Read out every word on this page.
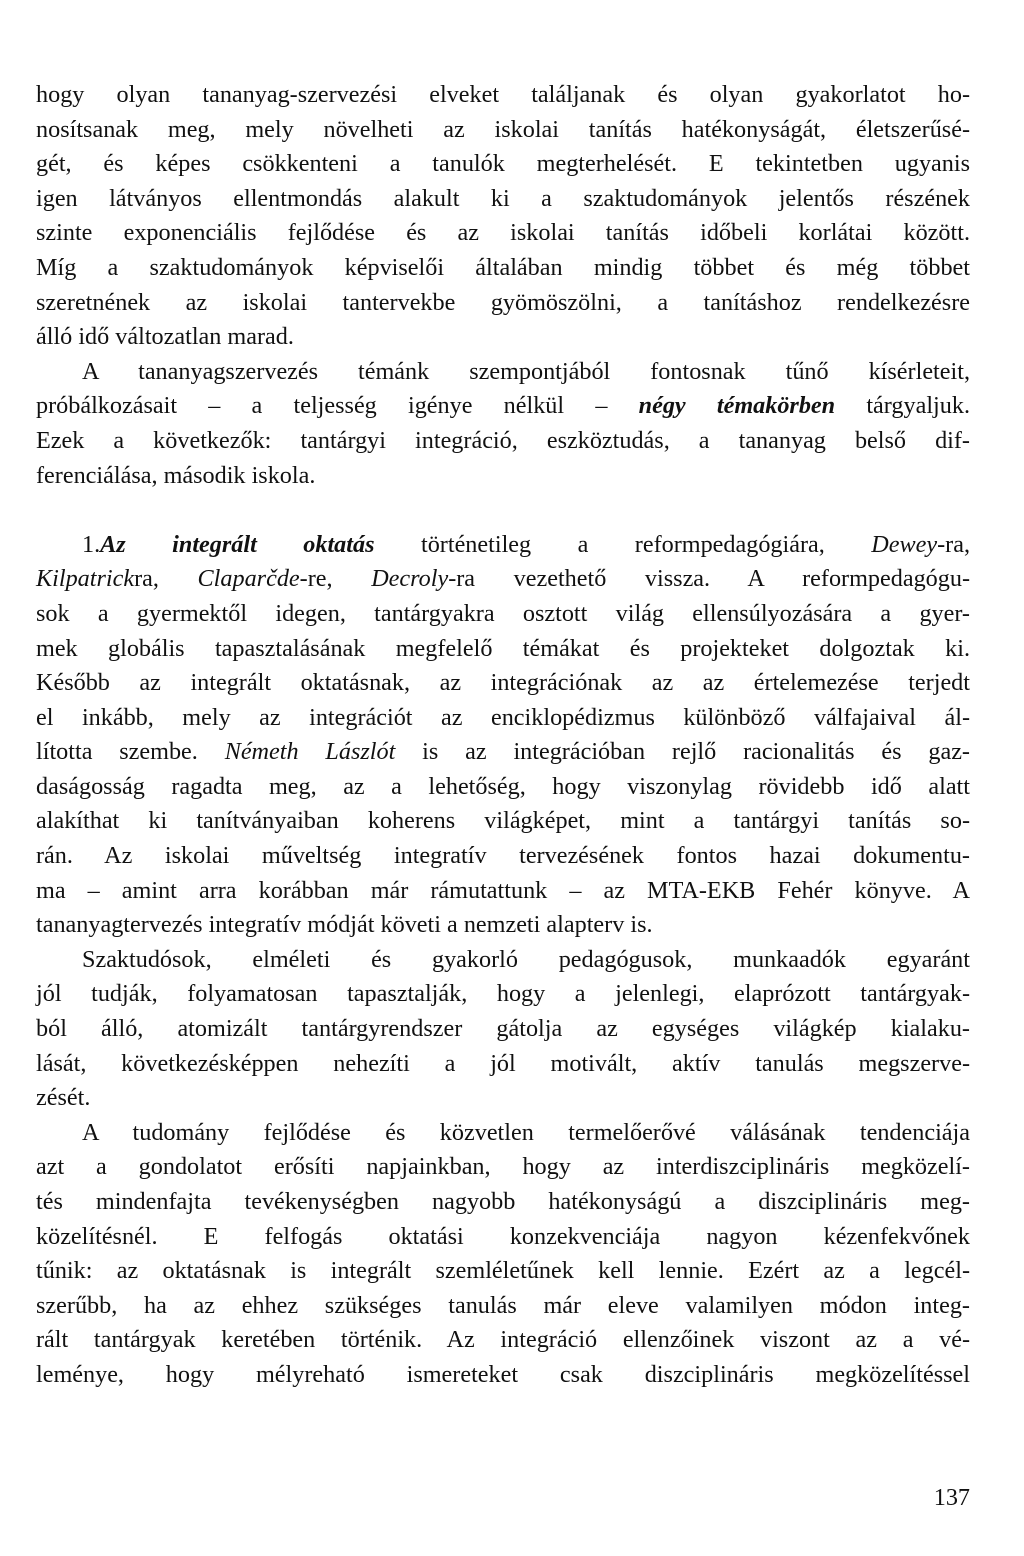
hogy olyan tananyag-szervezési elveket találjanak és olyan gyakorlatot ho-
nosítsanak meg, mely növelheti az iskolai tanítás hatékonyságát, életszerűsé-
gét, és képes csökkenteni a tanulók megterhelését. E tekintetben ugyanis
igen látványos ellentmondás alakult ki a szaktudományok jelentős részének
szinte exponenciális fejlődése és az iskolai tanítás időbeli korlátai között.
Míg a szaktudományok képviselői általában mindig többet és még többet
szeretnének az iskolai tantervekbe gyömöszölni, a tanításhoz rendelkezésre
álló idő változatlan marad.
A tananyagszervezés témánk szempontjából fontosnak tűnő kísérleteit,
próbálkozásait – a teljesség igénye nélkül – négy témakörben tárgyaljuk.
Ezek a következők: tantárgyi integráció, eszköztudás, a tananyag belső dif-
ferenciálása, második iskola.
1.Az integrált oktatás történetileg a reformpedagógiára, Dewey-ra,
Kilpatrickra, Claparčde-re, Decroly-ra vezethető vissza. A reformpedagógu-
sok a gyermektől idegen, tantárgyakra osztott világ ellensúlyozására a gyer-
mek globális tapasztalásának megfelelő témákat és projekteket dolgoztak ki.
Később az integrált oktatásnak, az integrációnak az az értelemezése terjedt
el inkább, mely az integrációt az enciklopédizmus különböző válfajaival ál-
lította szembe. Németh Lászlót is az integrációban rejlő racionalitás és gaz-
daságosság ragadta meg, az a lehetőség, hogy viszonylag rövidebb idő alatt
alakíthat ki tanítványaiban koherens világképet, mint a tantárgyi tanítás so-
rán. Az iskolai műveltség integratív tervezésének fontos hazai dokumentu-
ma – amint arra korábban már rámutattunk – az MTA-EKB Fehér könyve. A
tananyagtervezés integratív módját követi a nemzeti alapterv is.
Szaktudósok, elméleti és gyakorló pedagógusok, munkaadók egyaránt
jól tudják, folyamatosan tapasztalják, hogy a jelenlegi, elaprózott tantárgyak-
ból álló, atomizált tantárgyrendszer gátolja az egységes világkép kialaku-
lását, következésképpen nehezíti a jól motivált, aktív tanulás megszerve-
zését.
A tudomány fejlődése és közvetlen termelőerővé válásának tendenciája
azt a gondolatot erősíti napjainkban, hogy az interdiszciplináris megközelí-
tés mindenfajta tevékenységben nagyobb hatékonyságú a diszciplináris meg-
közelítésnél. E felfogás oktatási konzekvenciája nagyon kézenfekvőnek
tűnik: az oktatásnak is integrált szemléletűnek kell lennie. Ezért az a legcél-
szerűbb, ha az ehhez szükséges tanulás már eleve valamilyen módon integ-
rált tantárgyak keretében történik. Az integráció ellenzőinek viszont az a vé-
leménye, hogy mélyreható ismereteket csak diszciplináris megközelítéssel
137
